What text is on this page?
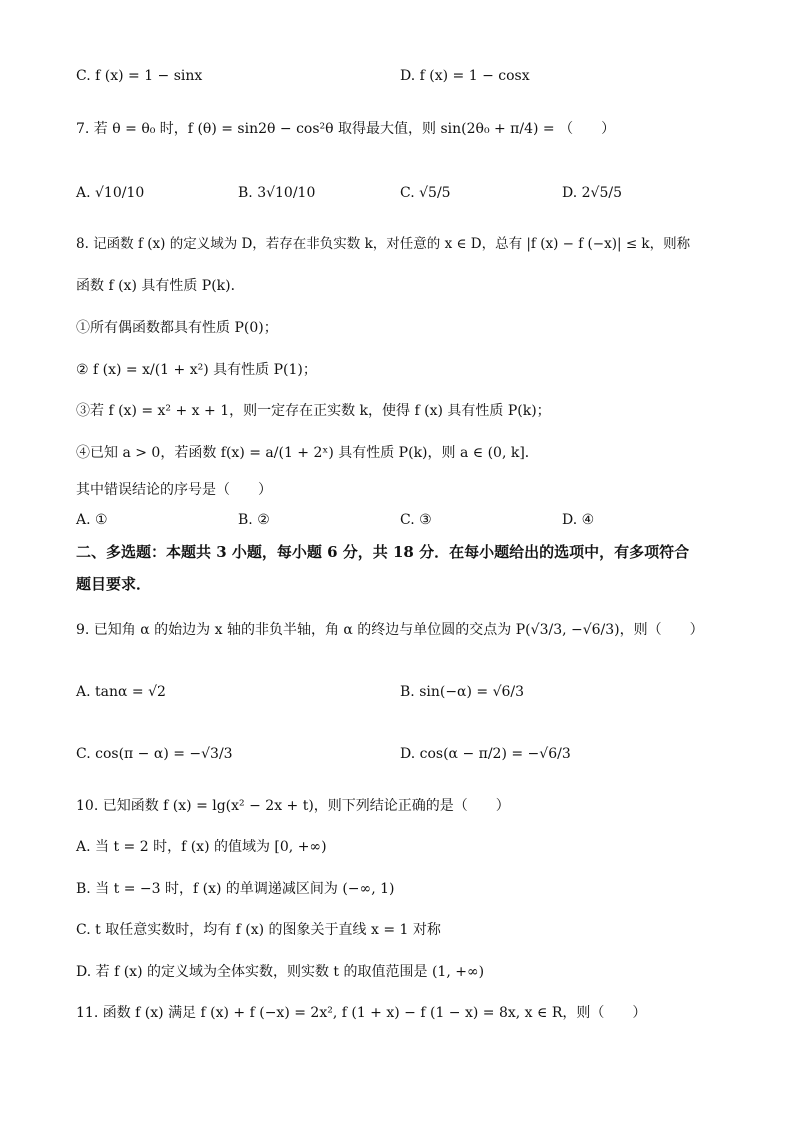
C. f (x) = 1 − sinx	D. f (x) = 1 − cosx
7. 若 θ = θ₀ 时，f (θ) = sin2θ − cos²θ 取得最大值，则 sin(2θ₀ + π/4) = （　　）
A. √10/10	B. 3√10/10	C. √5/5	D. 2√5/5
8. 记函数 f (x) 的定义域为 D，若存在非负实数 k，对任意的 x ∈ D，总有 |f (x) − f (−x)| ≤ k，则称
函数 f (x) 具有性质 P(k)．
①所有偶函数都具有性质 P(0)；
② f (x) = x/(1 + x²) 具有性质 P(1)；
③若 f (x) = x² + x + 1，则一定存在正实数 k，使得 f (x) 具有性质 P(k)；
④已知 a > 0，若函数 f(x) = a/(1 + 2ˣ) 具有性质 P(k)，则 a ∈ (0, k]．
其中错误结论的序号是（　　）
A. ①	B. ②	C. ③	D. ④
二、多选题：本题共 3 小题，每小题 6 分，共 18 分．在每小题给出的选项中，有多项符合
题目要求．
9. 已知角 α 的始边为 x 轴的非负半轴，角 α 的终边与单位圆的交点为 P(√3/3, −√6/3)，则（　　）
A. tanα = √2	B. sin(−α) = √6/3
C. cos(π − α) = −√3/3	D. cos(α − π/2) = −√6/3
10. 已知函数 f (x) = lg(x² − 2x + t)，则下列结论正确的是（　　）
A. 当 t = 2 时，f (x) 的值域为 [0, +∞)
B. 当 t = −3 时，f (x) 的单调递减区间为 (−∞, 1)
C. t 取任意实数时，均有 f (x) 的图象关于直线 x = 1 对称
D. 若 f (x) 的定义域为全体实数，则实数 t 的取值范围是 (1, +∞)
11. 函数 f (x) 满足 f (x) + f (−x) = 2x², f (1 + x) − f (1 − x) = 8x, x ∈ R，则（　　）
